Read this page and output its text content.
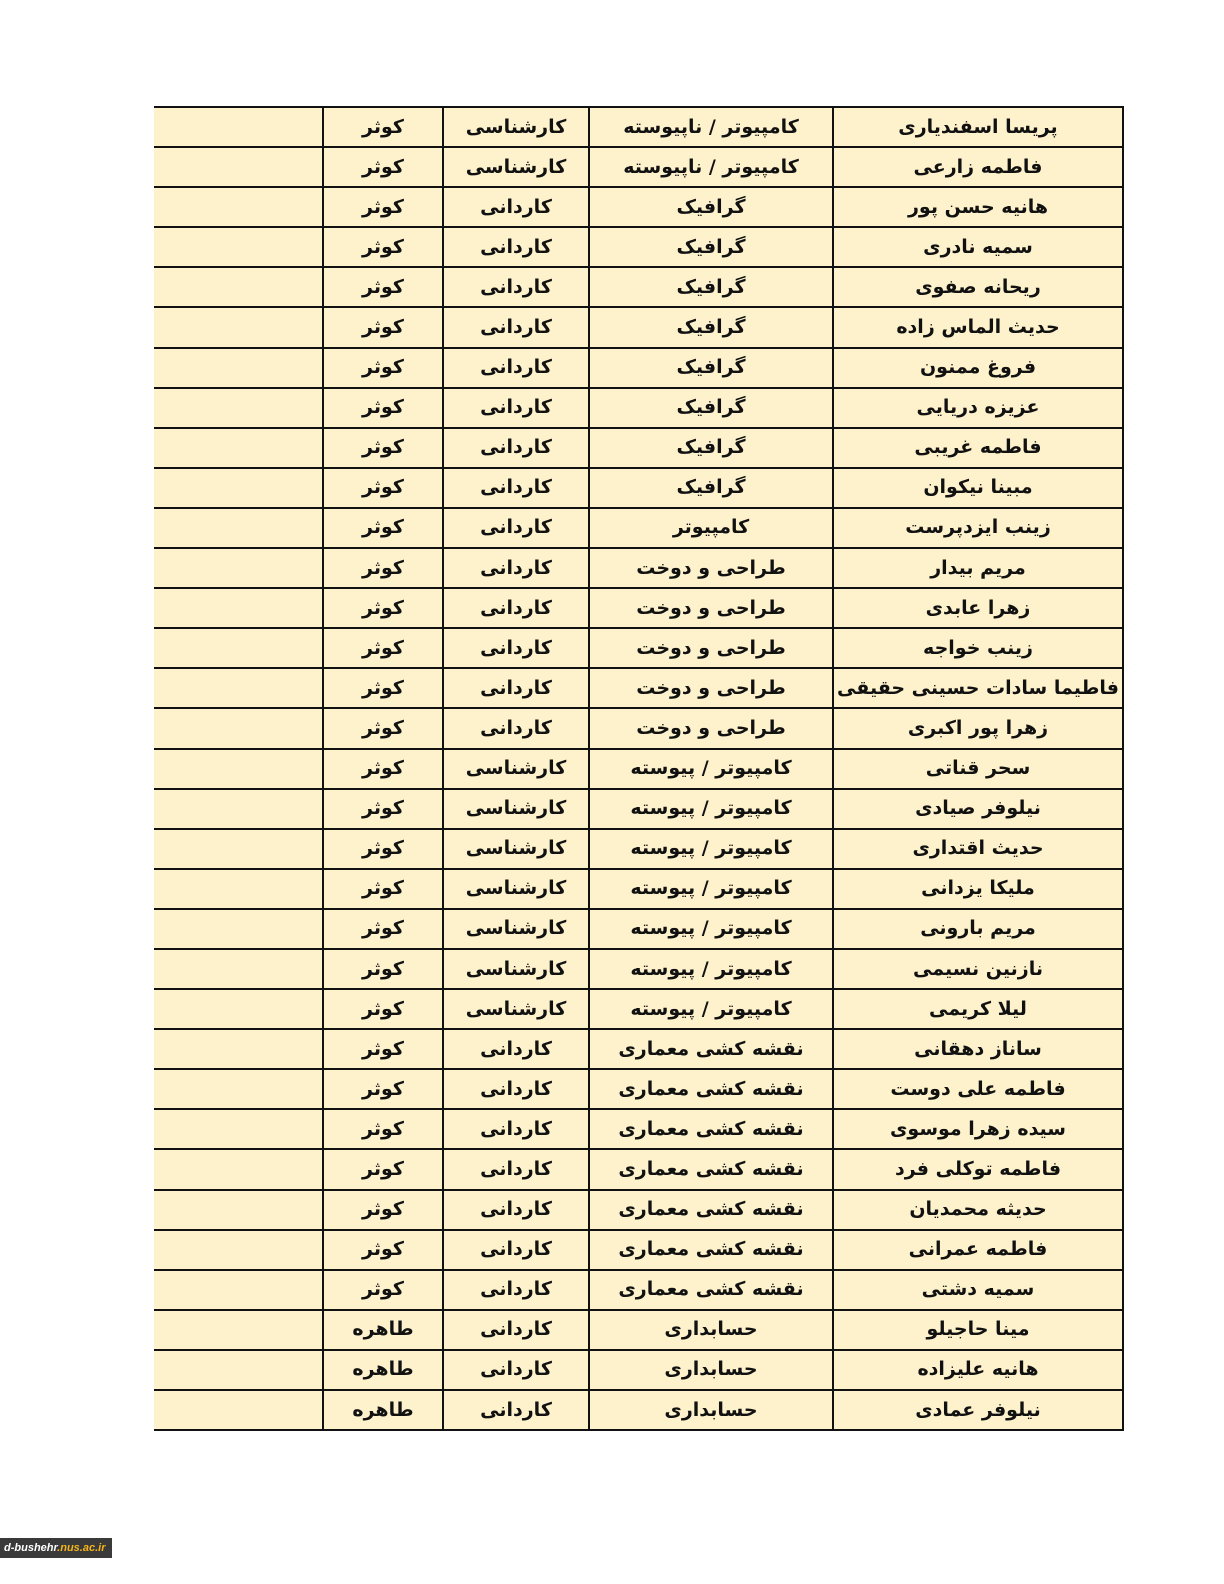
پریسا اسفندیاری	کامپیوتر / ناپیوسته	کارشناسی	کوثر	
فاطمه زارعی	کامپیوتر / ناپیوسته	کارشناسی	کوثر	
هانیه حسن پور	گرافیک	کاردانی	کوثر	
سمیه نادری	گرافیک	کاردانی	کوثر	
ریحانه صفوی	گرافیک	کاردانی	کوثر	
حدیث الماس زاده	گرافیک	کاردانی	کوثر	
فروغ ممنون	گرافیک	کاردانی	کوثر	
عزیزه دریایی	گرافیک	کاردانی	کوثر	
فاطمه غریبی	گرافیک	کاردانی	کوثر	
مبینا نیکوان	گرافیک	کاردانی	کوثر	
زینب ایزدپرست	کامپیوتر	کاردانی	کوثر	
مریم بیدار	طراحی و دوخت	کاردانی	کوثر	
زهرا عابدی	طراحی و دوخت	کاردانی	کوثر	
زینب خواجه	طراحی و دوخت	کاردانی	کوثر	
فاطیما سادات حسینی حقیقی	طراحی و دوخت	کاردانی	کوثر	
زهرا پور اکبری	طراحی و دوخت	کاردانی	کوثر	
سحر قناتی	کامپیوتر / پیوسته	کارشناسی	کوثر	
نیلوفر صیادی	کامپیوتر / پیوسته	کارشناسی	کوثر	
حدیث اقتداری	کامپیوتر / پیوسته	کارشناسی	کوثر	
ملیکا یزدانی	کامپیوتر / پیوسته	کارشناسی	کوثر	
مریم بارونی	کامپیوتر / پیوسته	کارشناسی	کوثر	
نازنین نسیمی	کامپیوتر / پیوسته	کارشناسی	کوثر	
لیلا کریمی	کامپیوتر / پیوسته	کارشناسی	کوثر	
ساناز دهقانی	نقشه کشی معماری	کاردانی	کوثر	
فاطمه علی دوست	نقشه کشی معماری	کاردانی	کوثر	
سیده زهرا موسوی	نقشه کشی معماری	کاردانی	کوثر	
فاطمه توکلی فرد	نقشه کشی معماری	کاردانی	کوثر	
حدیثه محمدیان	نقشه کشی معماری	کاردانی	کوثر	
فاطمه عمرانی	نقشه کشی معماری	کاردانی	کوثر	
سمیه دشتی	نقشه کشی معماری	کاردانی	کوثر	
مینا حاجیلو	حسابداری	کاردانی	طاهره	
هانیه علیزاده	حسابداری	کاردانی	طاهره	
نیلوفر عمادی	حسابداری	کاردانی	طاهره	
d-bushehr.nus.ac.ir
